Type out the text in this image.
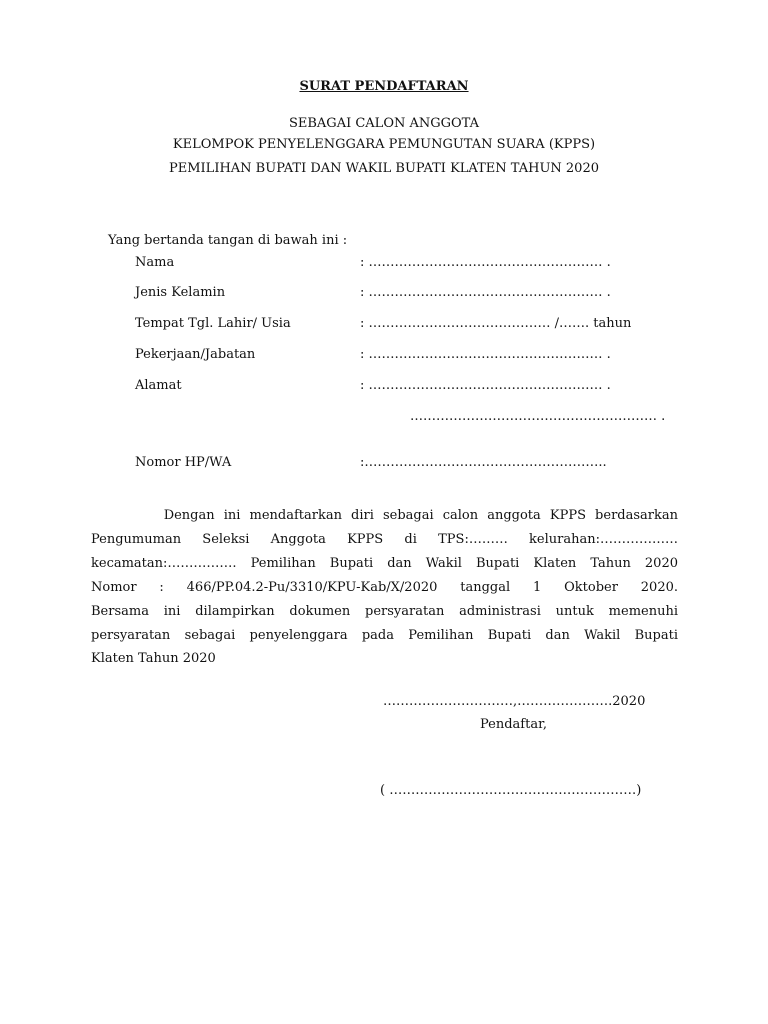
SURAT PENDAFTARAN
SEBAGAI CALON ANGGOTA
KELOMPOK PENYELENGGARA PEMUNGUTAN SUARA (KPPS)
PEMILIHAN BUPATI DAN WAKIL BUPATI KLATEN TAHUN 2020
Yang bertanda tangan di bawah ini :
Nama	: ……………………………………………… .
Jenis Kelamin	: ……………………………………………… .
Tempat Tgl. Lahir/ Usia	: …………………………………… /……. tahun
Pekerjaan/Jabatan	: ……………………………………………… .
Alamat	: ……………………………………………… .
………………………………………………… .
Nomor HP/WA	:………………………………………………..
Dengan ini mendaftarkan diri sebagai calon anggota KPPS berdasarkan
Pengumuman Seleksi Anggota KPPS di TPS:……… kelurahan:………………
kecamatan:……………. Pemilihan Bupati dan Wakil Bupati Klaten Tahun 2020
Nomor : 466/PP.04.2-Pu/3310/KPU-Kab/X/2020 tanggal 1 Oktober 2020.
Bersama ini dilampirkan dokumen persyaratan administrasi untuk memenuhi
persyaratan sebagai penyelenggara pada Pemilihan Bupati dan Wakil Bupati
Klaten Tahun 2020
…………………………,………………….2020
Pendaftar,
( …………………………………………………)
